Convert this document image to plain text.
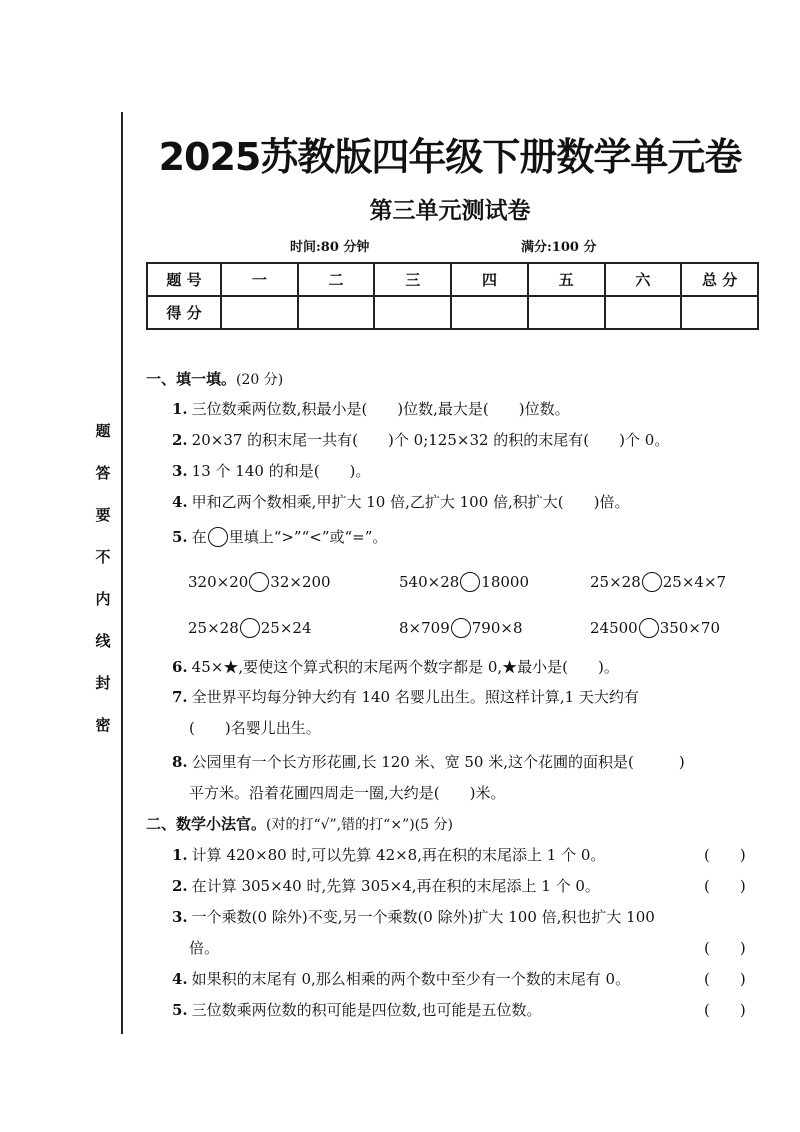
题
答
要
不
内
线
封
密
2025苏教版四年级下册数学单元卷
第三单元测试卷
时间:80 分钟	满分:100 分
题 号	一	二	三	四	五	六	总 分
得 分							
一、填一填。(20 分)
1. 三位数乘两位数,积最小是(　　)位数,最大是(　　)位数。
2. 20×37 的积末尾一共有(　　)个 0;125×32 的积的末尾有(　　)个 0。
3. 13 个 140 的和是(　　)。
4. 甲和乙两个数相乘,甲扩大 10 倍,乙扩大 100 倍,积扩大(　　)倍。
5. 在 里填上“>”“<”或“=”。
320×20 32×200	540×28 18000	25×28 25×4×7
25×28 25×24	8×709 790×8	24500 350×70
6. 45×★,要使这个算式积的末尾两个数字都是 0,★最小是(　　)。
7. 全世界平均每分钟大约有 140 名婴儿出生。照这样计算,1 天大约有
(　　)名婴儿出生。
8. 公园里有一个长方形花圃,长 120 米、宽 50 米,这个花圃的面积是(　　　)
平方米。沿着花圃四周走一圈,大约是(　　)米。
二、数学小法官。(对的打“√”,错的打“×”)(5 分)
1. 计算 420×80 时,可以先算 42×8,再在积的末尾添上 1 个 0。	(　　)
2. 在计算 305×40 时,先算 305×4,再在积的末尾添上 1 个 0。	(　　)
3. 一个乘数(0 除外)不变,另一个乘数(0 除外)扩大 100 倍,积也扩大 100
倍。	(　　)
4. 如果积的末尾有 0,那么相乘的两个数中至少有一个数的末尾有 0。	(　　)
5. 三位数乘两位数的积可能是四位数,也可能是五位数。	(　　)
